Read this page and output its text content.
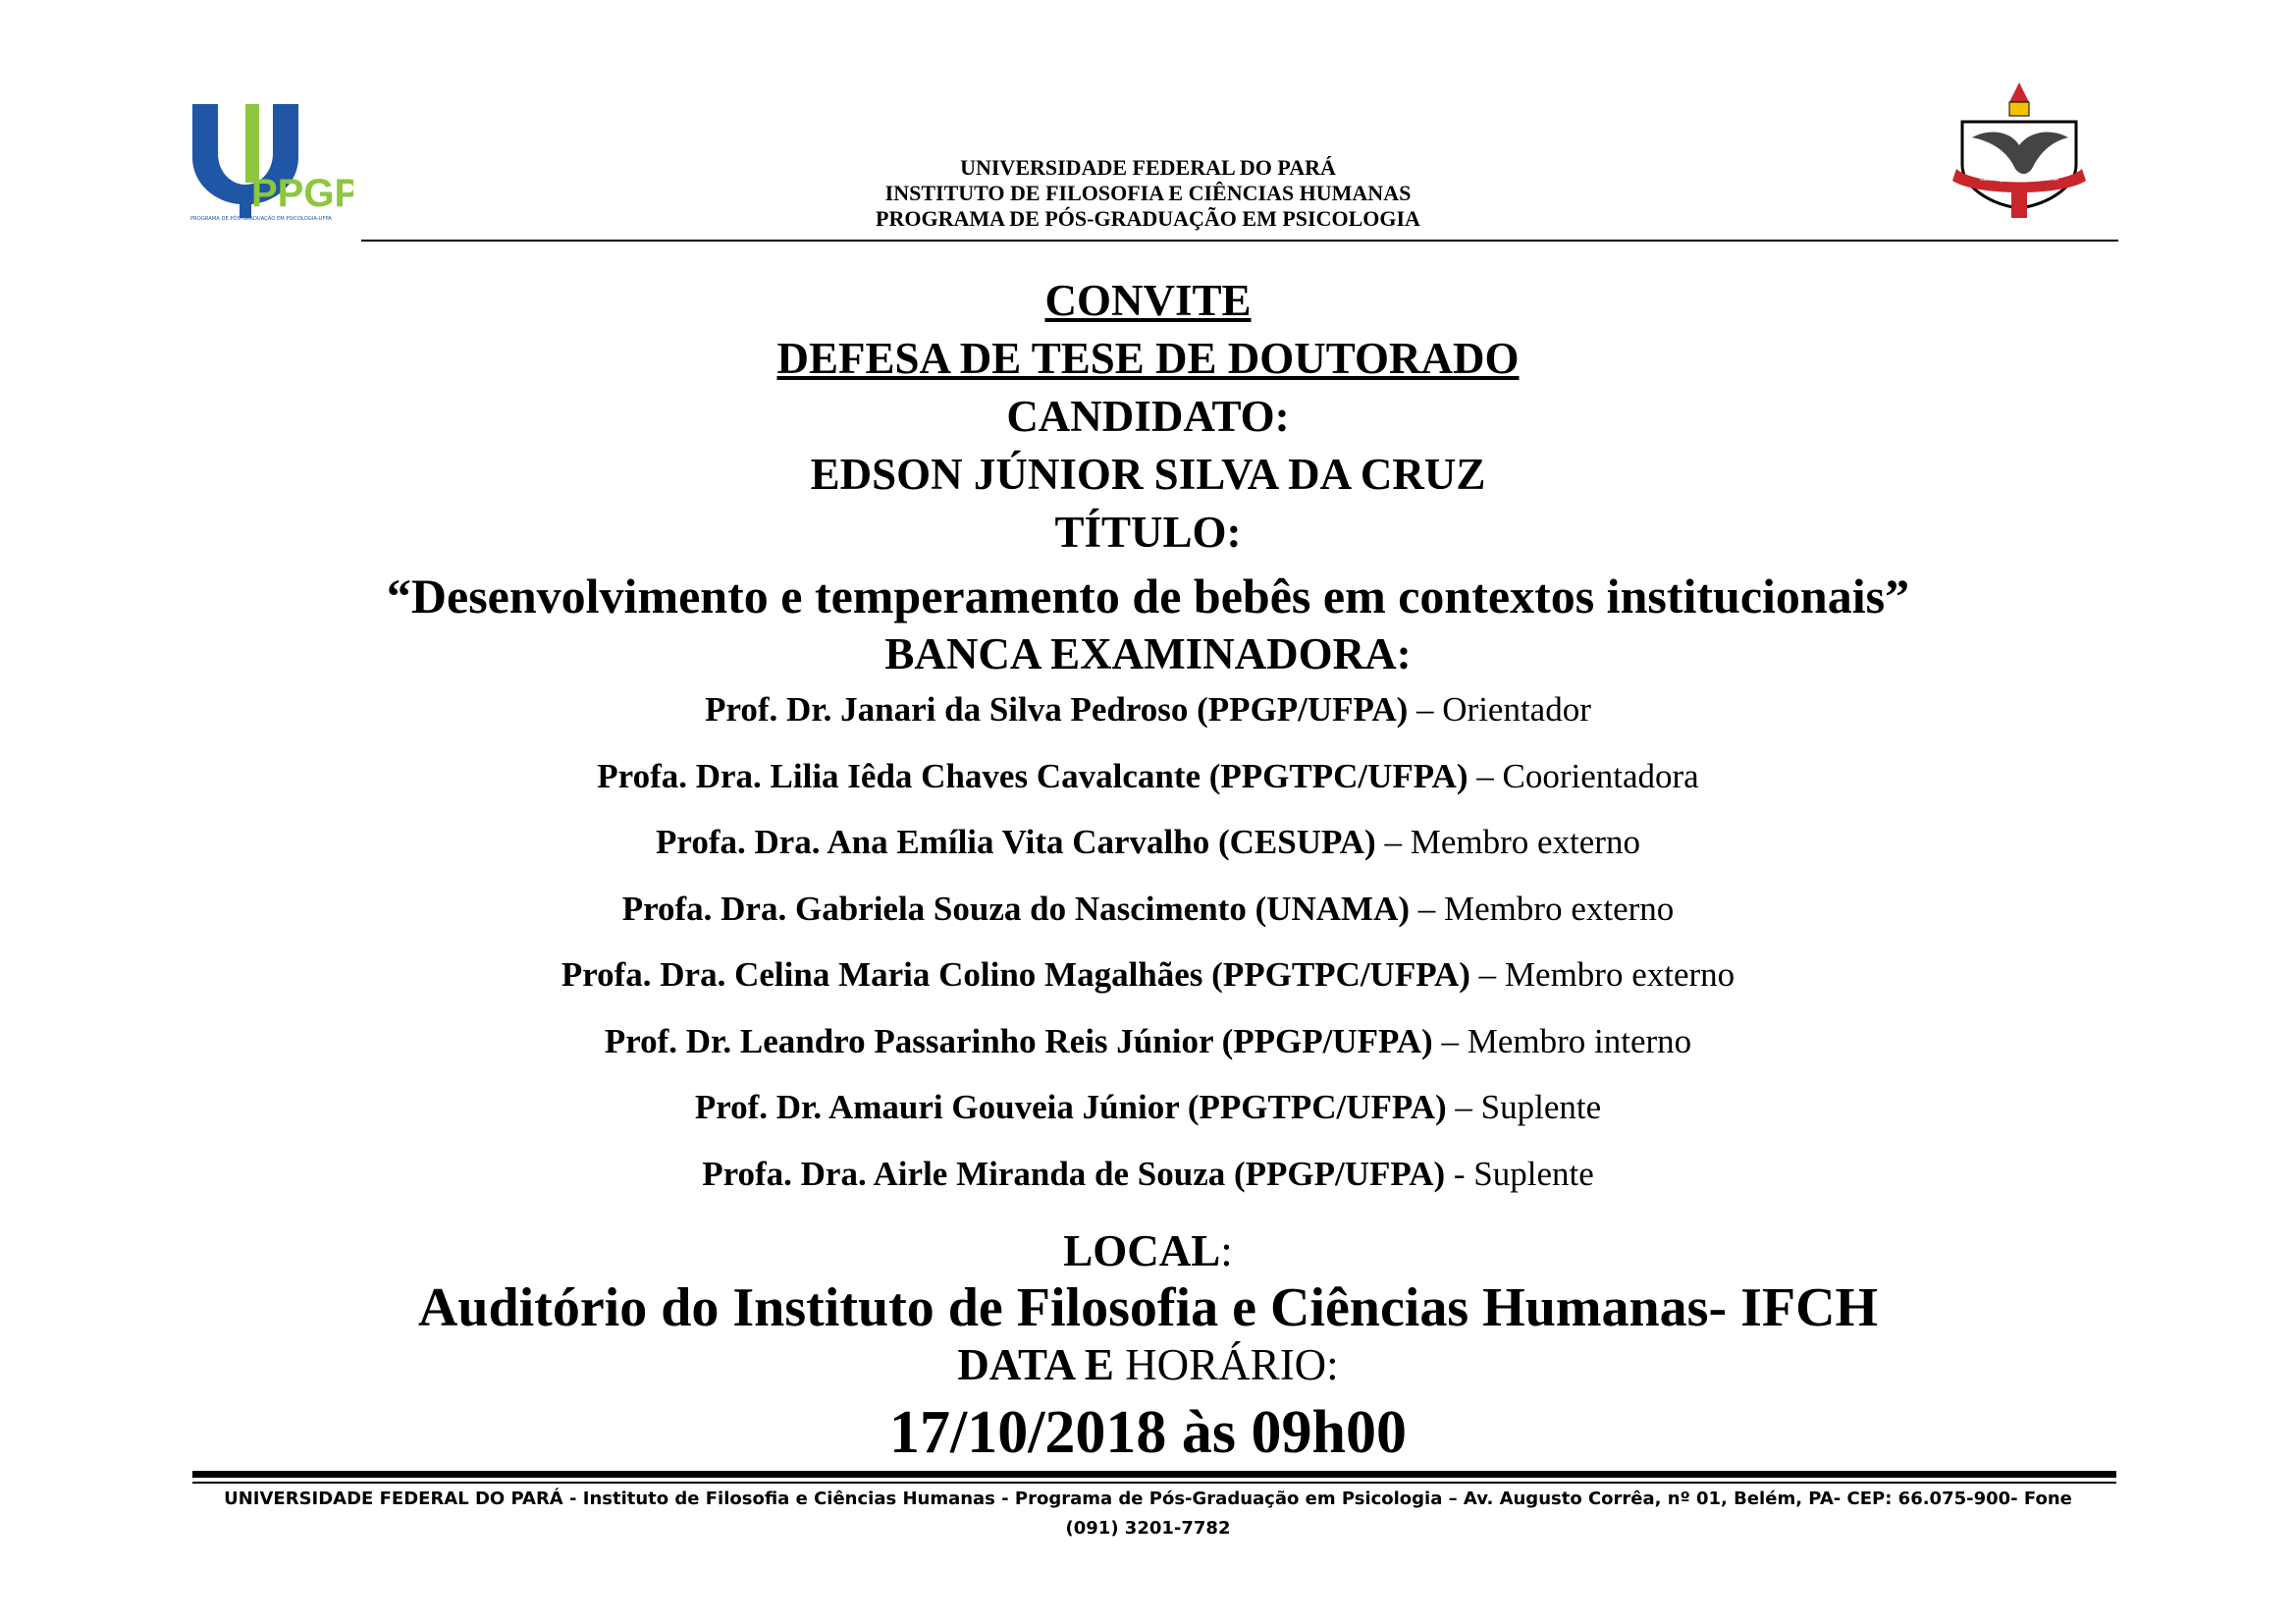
PPGP
PROGRAMA DE PÓS-GRADUAÇÃO EM PSICOLOGIA-UFPA
LUX IN JUSTITIA SAPIENTIA
UNIVERSIDADE FEDERAL DO PARÁ
INSTITUTO DE FILOSOFIA E CIÊNCIAS HUMANAS
PROGRAMA DE PÓS-GRADUAÇÃO EM PSICOLOGIA
CONVITE
DEFESA DE TESE DE DOUTORADO
CANDIDATO:
EDSON JÚNIOR SILVA DA CRUZ
TÍTULO:
“Desenvolvimento e temperamento de bebês em contextos institucionais”
BANCA EXAMINADORA:
Prof. Dr. Janari da Silva Pedroso (PPGP/UFPA) – Orientador
Profa. Dra. Lilia Iêda Chaves Cavalcante (PPGTPC/UFPA) – Coorientadora
Profa. Dra. Ana Emília Vita Carvalho (CESUPA) – Membro externo
Profa. Dra. Gabriela Souza do Nascimento (UNAMA) – Membro externo
Profa. Dra. Celina Maria Colino Magalhães (PPGTPC/UFPA) – Membro externo
Prof. Dr. Leandro Passarinho Reis Júnior (PPGP/UFPA) – Membro interno
Prof. Dr. Amauri Gouveia Júnior (PPGTPC/UFPA) – Suplente
Profa. Dra. Airle Miranda de Souza (PPGP/UFPA) - Suplente
LOCAL:
Auditório do Instituto de Filosofia e Ciências Humanas- IFCH
DATA E HORÁRIO:
17/10/2018 às 09h00
UNIVERSIDADE FEDERAL DO PARÁ - Instituto de Filosofia e Ciências Humanas - Programa de Pós-Graduação em Psicologia – Av. Augusto Corrêa, nº 01, Belém, PA- CEP: 66.075-900- Fone
(091) 3201-7782
